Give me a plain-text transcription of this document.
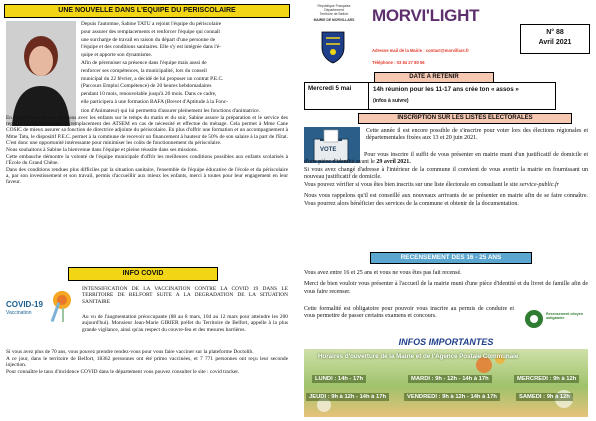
UNE NOUVELLE DANS L'EQUIPE DU PERISCOLAIRE

Depuis l'automne, Sabine TATU a rejoint l'équipe du périscolaire
pour assurer des remplacements et renforcer l'équipe qui connaît
une surcharge de travail en raison du départ d'une personne de
l'équipe et des conditions sanitaires. Elle s'y est intégrée dans l'é-
quipe et apporte son dynamisme.
Afin de pérenniser sa présence dans l'équipe mais aussi de
renforcer ses compétences, la municipalité, lors du conseil
municipal du 22 février, a décidé de lui proposer un contrat P.E.C.
(Parcours Emploi Compétence) de 20 heures hebdomadaires
pendant 10 mois, renouvelable jusqu'à 20 mois. Dans ce cadre,
elle participera à une formation BAFA (Brevet d'Aptitude à la Fonc-

tion d'Animateur) qui lui permettra d'assurer pleinement les fonctions d'animatrice.

En complément de ses missions avec les enfants sur le temps du matin et du soir, Sabine assure la préparation et le service des repas à la cantine, assure le remplacement des ATSEM en cas de nécessité et effectue du ménage. Cela permet à Mme Cane COSIC de mieux assurer sa fonction de directrice adjointe du périscolaire. En plus d'offrir une formation et un accompagnement à Mme Tatu, le dispositif P.E.C. permet à la commune de recevoir un financement à hauteur de 50% de son salaire à la part de l'Etat. C'est donc une opportunité intéressante pour minimiser les coûts de fonctionnement du périscolaire.

Nous souhaitons à Sabine la bienvenue dans l'équipe et pleine réussite dans ses missions.

Cette embauche démontre la volonté de l'équipe municipale d'offrir les meilleures conditions possibles aux enfants scolarisés à l'École du Grand Chêne.

Dans des conditions rendues plus difficiles par la situation sanitaire, l'ensemble de l'équipe éducative de l'école et du périscolaire a, par son investissement et son travail, permis d'accueillir aux mieux les enfants, merci à toutes pour leur engagement en leur faveur.

INFO COVID
COVID-19
Vaccination

INTENSIFICATION DE LA VACCINATION CONTRE LA COVID 19 DANS LE TERRITOIRE DE BELFORT SUITE A LA DEGRADATION DE LA SITUATION SANITAIRE

Au vu de l'augmentation préoccupante (88 au 8 mars, 104 au 12 mars pour atteindre les 200 aujourd'hui). Monsieur Jean-Marie GIRIER préfet du Territoire de Belfort, appelle à la plus grande vigilance, ainsi qu'au respect du couvre-feu et des mesures barrières.

Si vous avez plus de 70 ans, vous pouvez prendre rendez-vous pour vous faire vacciner sur la plateforme Doctolib.

A ce jour, dans le territoire de Belfort, 18362 personnes ont été primo vaccinées, et 7 771 personnes ont reçu leur seconde injection.

Pour connaître le taux d'incidence COVID dans le département vous pouvez consulter le site : covid tracker.

République Française
Département
Territoire de Belfort
MAIRIE DE MORVILLARS	MORVI'LIGHT
N° 88
Avril 2021
Adresse mail de la Mairie : contact@morvillars.fr
Téléphone : 03 84 27 80 56
DATE A RETENIR
Mercredi 5 mai	14h réunion pour les 11-17 ans crée ton « assos »
(infos à suivre)
INSCRIPTION SUR LES LISTES ELECTORALES
VOTE

Cette année il est encore possible de s'inscrire pour voter lors des élections régionales et départementales fixées aux 13 et 20 juin 2021.

Pour vous inscrire il suffit de vous présenter en mairie muni d'un justificatif de domicile et d'une pièce d'identité avant le 29 avril 2021.

Si vous avez changé d'adresse à l'intérieur de la commune il convient de vous avertir la mairie en fournissant un nouveau justificatif de domicile.

Vous pouvez vérifier si vous êtes bien inscrits sur une liste électorale en consultant le site service-public.fr

Nous vous rappelons qu'il est conseillé aux nouveaux arrivants de se présenter en mairie afin de se faire connaître. Vous pourrez alors bénéficier des services de la commune et obtenir de la documentation.

RECENSEMENT DES 16 - 25 ANS

Vous avez entre 16 et 25 ans et vous ne vous êtes pas fait recensé.

Merci de bien vouloir vous présenter à l'accueil de la mairie muni d'une pièce d'identité et du livret de famille afin de vous faire recenser.

Cette formalité est obligatoire pour pouvoir vous inscrire au permis de conduire et vous permettre de passer certains examens et concours.	Recensement citoyen obligatoire
INFOS IMPORTANTES
Horaires d'ouverture de la Mairie et de l'Agence Postale Communale
LUNDI : 14h - 17h	MARDI : 9h - 12h - 14h à 17h	MERCREDI : 9h à 12h
JEUDI : 9h à 12h - 14h à 17h	VENDREDI : 9h à 12h - 14h à 17h	SAMEDI : 9h à 12h
